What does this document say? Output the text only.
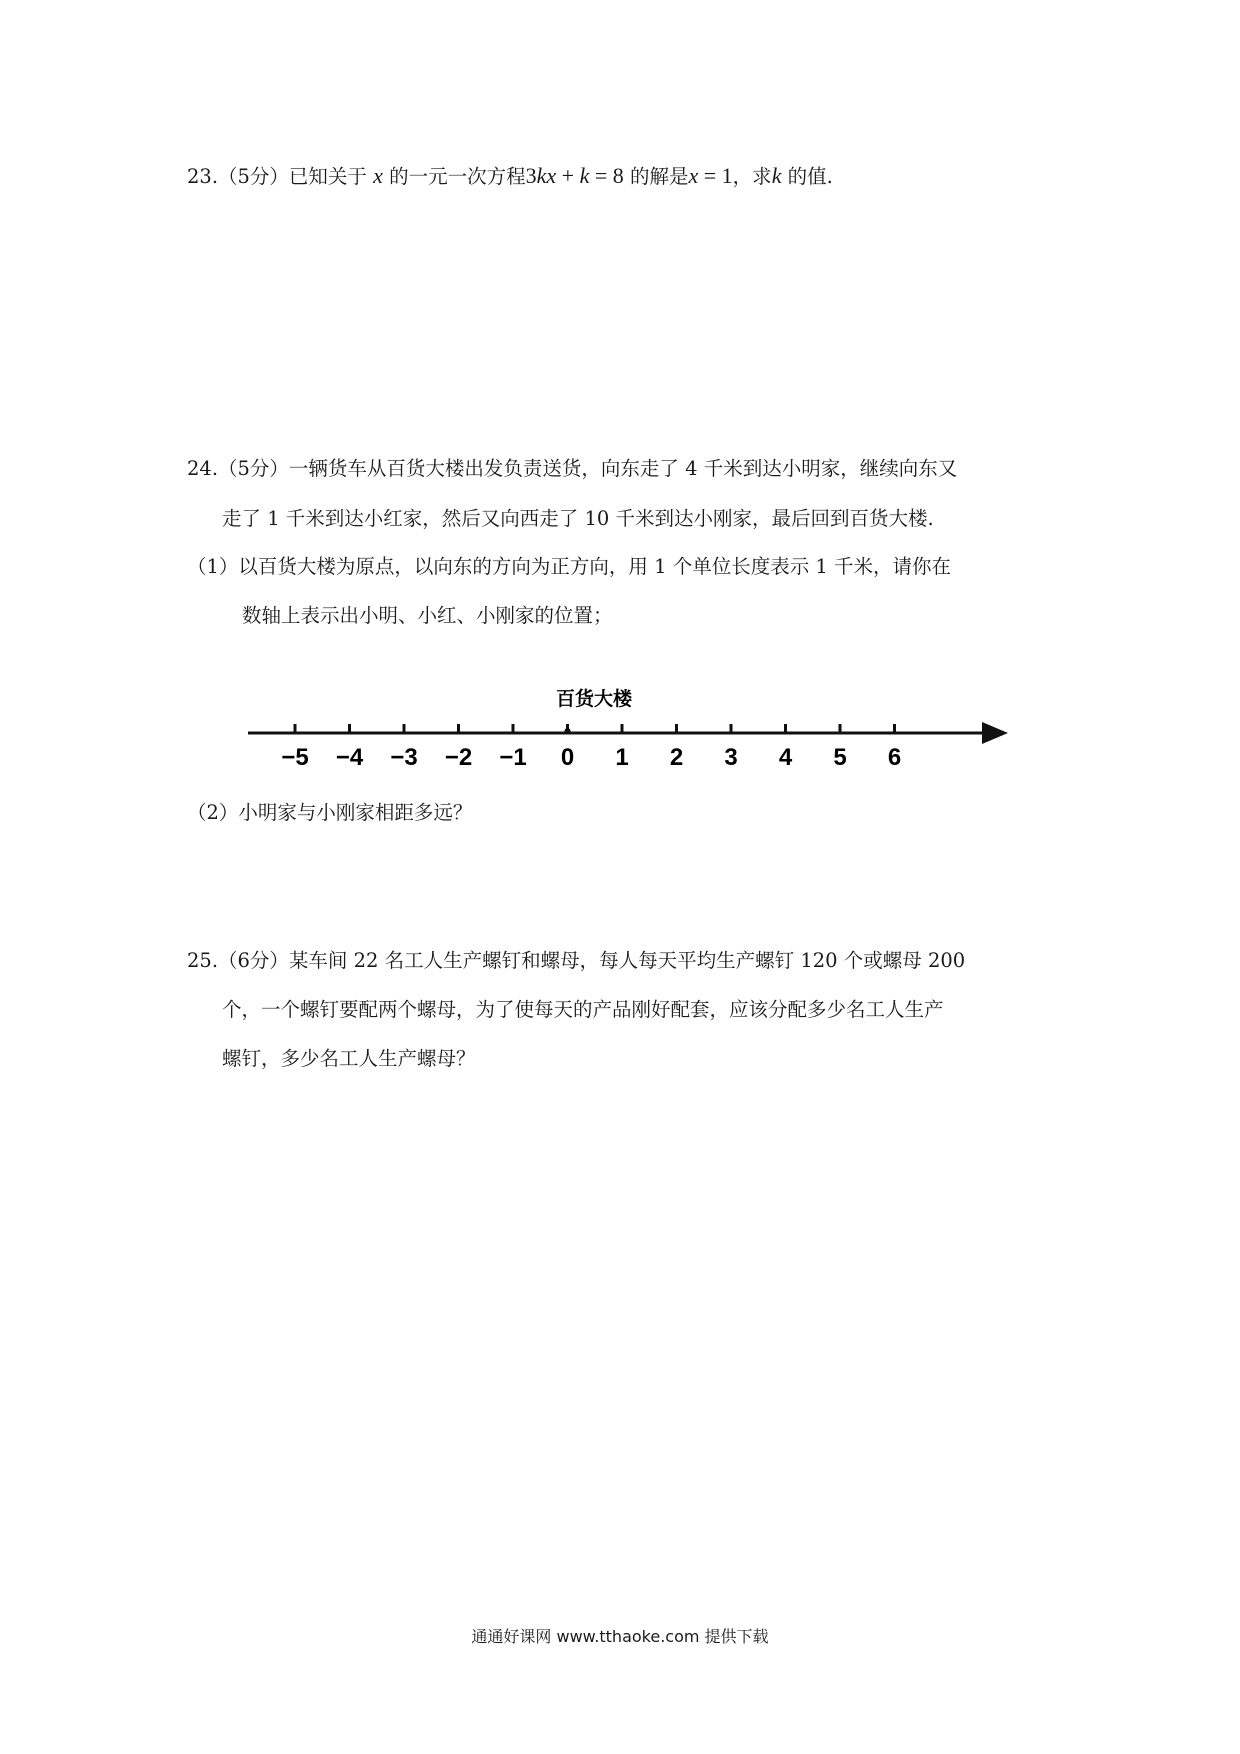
23.（5分）已知关于 x 的一元一次方程3kx + k = 8 的解是x = 1，求k 的值.
24.（5分）一辆货车从百货大楼出发负责送货，向东走了 4 千米到达小明家，继续向东又
走了 1 千米到达小红家，然后又向西走了 10 千米到达小刚家，最后回到百货大楼.
（1）以百货大楼为原点，以向东的方向为正方向，用 1 个单位长度表示 1 千米，请你在
数轴上表示出小明、小红、小刚家的位置；
百货大楼
−5 −4 −3 −2 −1 0 1 2 3 4 5 6
（2）小明家与小刚家相距多远？
25.（6分）某车间 22 名工人生产螺钉和螺母，每人每天平均生产螺钉 120 个或螺母 200
个，一个螺钉要配两个螺母，为了使每天的产品刚好配套，应该分配多少名工人生产
螺钉，多少名工人生产螺母？
通通好课网 www.tthaoke.com 提供下载
